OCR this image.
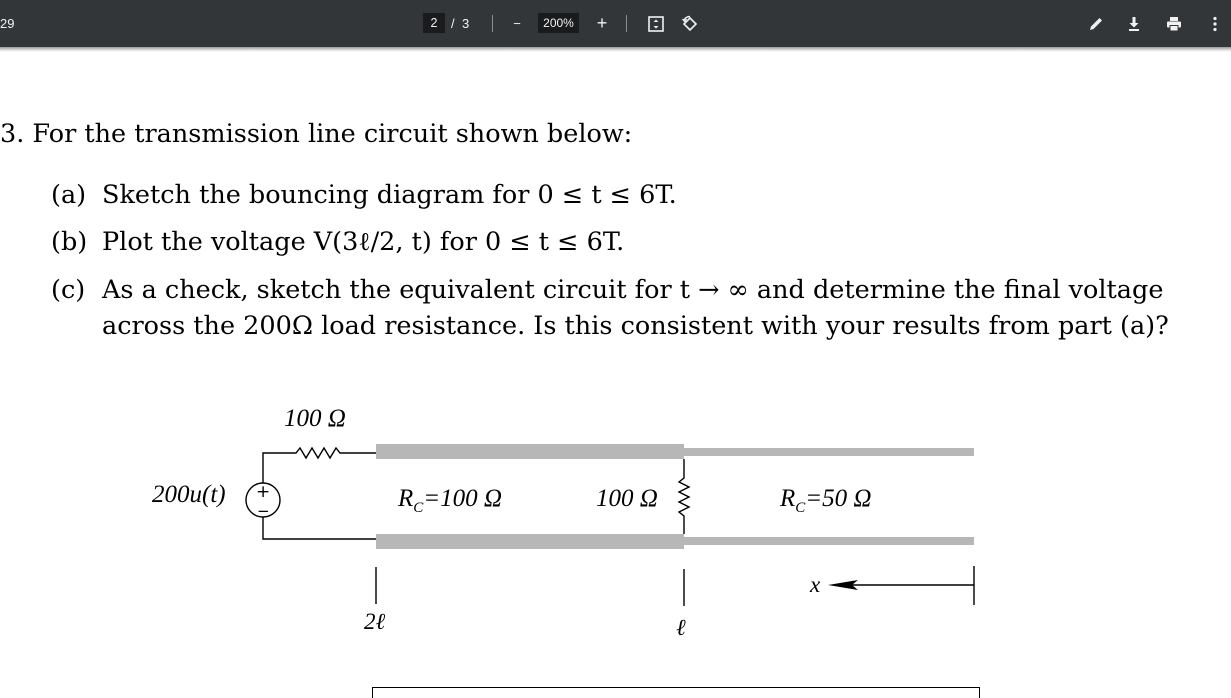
29	2	/ 3	−	200%	+
3. For the transmission line circuit shown below:
(a) Sketch the bouncing diagram for 0 ≤ t ≤ 6T.
(b) Plot the voltage V(3ℓ/2, t) for 0 ≤ t ≤ 6T.
(c) As a check, sketch the equivalent circuit for t → ∞ and determine the final voltage
across the 200Ω load resistance. Is this consistent with your results from part (a)?
100 Ω
200u(t) +
−	$R_C=100$ Ω	100 Ω	$R_C=50$ Ω
2ℓ	ℓ
x
